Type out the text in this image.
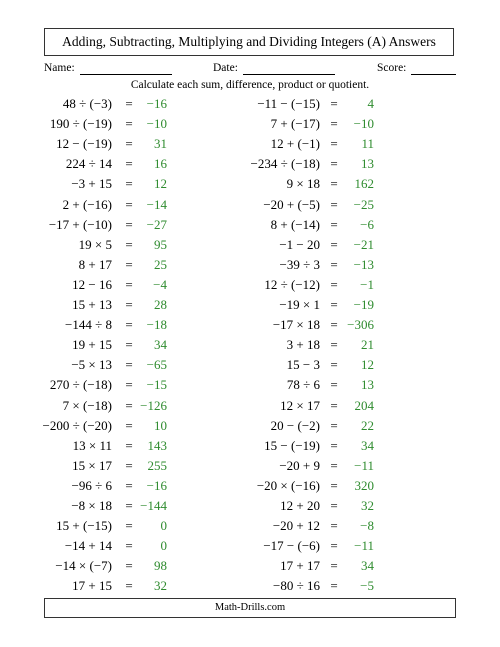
Adding, Subtracting, Multiplying and Dividing Integers (A) Answers
Name:	Date:	Score:
Calculate each sum, difference, product or quotient.
48 ÷ (−3) = −16
190 ÷ (−19) = −10
12 − (−19) = 31
224 ÷ 14 = 16
−3 + 15 = 12
2 + (−16) = −14
−17 + (−10) = −27
19 × 5 = 95
8 + 17 = 25
12 − 16 = −4
15 + 13 = 28
−144 ÷ 8 = −18
19 + 15 = 34
−5 × 13 = −65
270 ÷ (−18) = −15
7 × (−18) = −126
−200 ÷ (−20) = 10
13 × 11 = 143
15 × 17 = 255
−96 ÷ 6 = −16
−8 × 18 = −144
15 + (−15) = 0
−14 + 14 = 0
−14 × (−7) = 98
17 + 15 = 32
−11 − (−15) = 4
7 + (−17) = −10
12 + (−1) = 11
−234 ÷ (−18) = 13
9 × 18 = 162
−20 + (−5) = −25
8 + (−14) = −6
−1 − 20 = −21
−39 ÷ 3 = −13
12 ÷ (−12) = −1
−19 × 1 = −19
−17 × 18 = −306
3 + 18 = 21
15 − 3 = 12
78 ÷ 6 = 13
12 × 17 = 204
20 − (−2) = 22
15 − (−19) = 34
−20 + 9 = −11
−20 × (−16) = 320
12 + 20 = 32
−20 + 12 = −8
−17 − (−6) = −11
17 + 17 = 34
−80 ÷ 16 = −5
Math-Drills.com
